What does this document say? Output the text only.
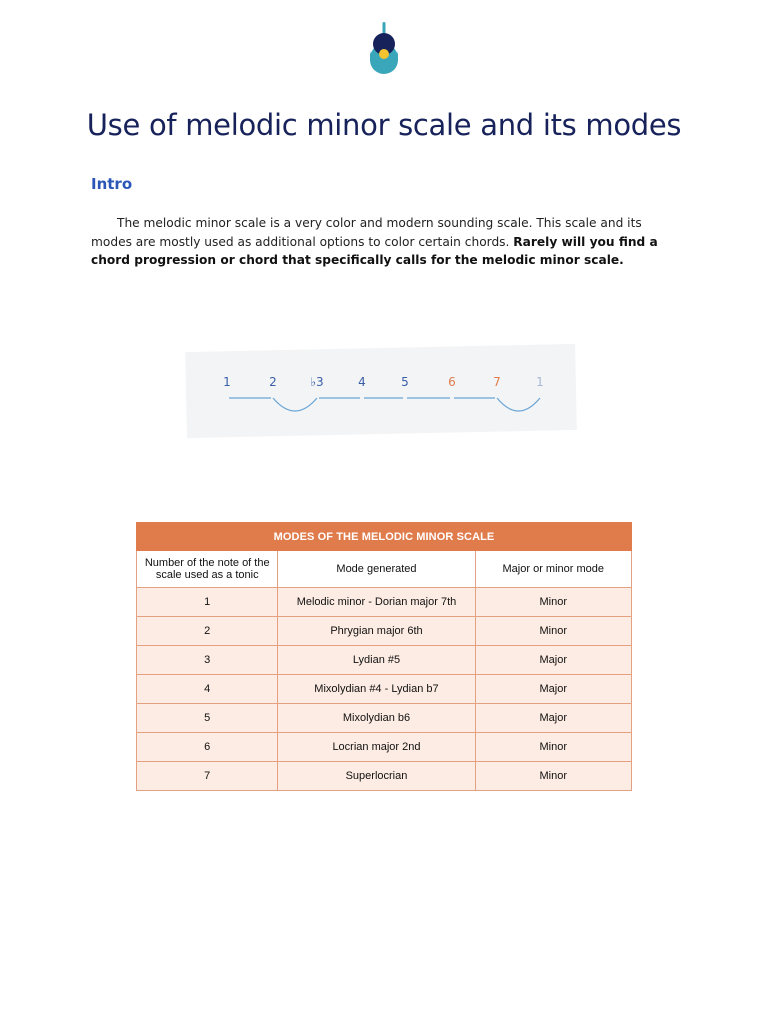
Use of melodic minor scale and its modes
Intro

The melodic minor scale is a very color and modern sounding scale. This scale and its modes are mostly used as additional options to color certain chords. Rarely will you find a chord progression or chord that specifically calls for the melodic minor scale.

1	2	♭3	4	5	6	7	1
MODES OF THE MELODIC MINOR SCALE		
Number of the note of the scale used as a tonic	Mode generated	Major or minor mode
1	Melodic minor - Dorian major 7th	Minor
2	Phrygian major 6th	Minor
3	Lydian #5	Major
4	Mixolydian #4 - Lydian b7	Major
5	Mixolydian b6	Major
6	Locrian major 2nd	Minor
7	Superlocrian	Minor
